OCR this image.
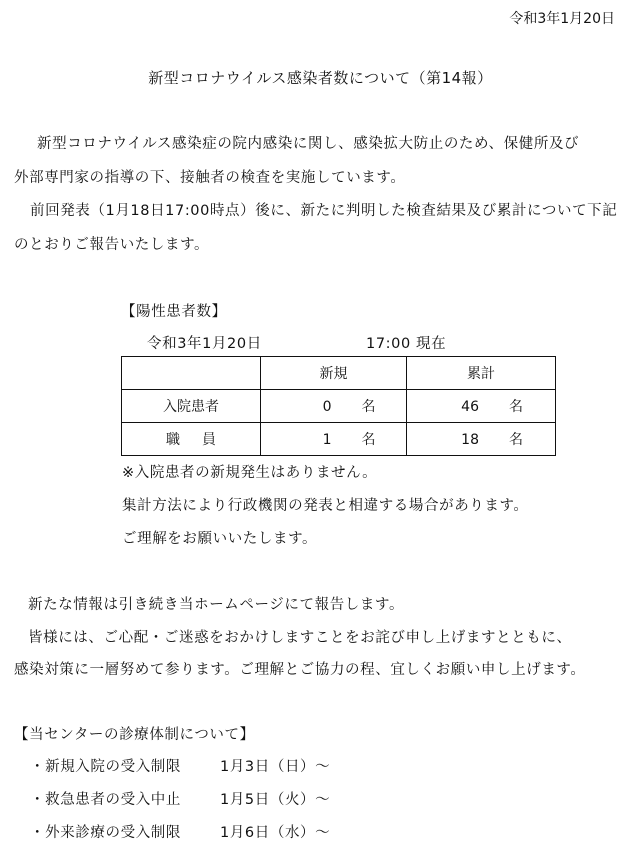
令和3年1月20日
新型コロナウイルス感染者数について（第14報）
新型コロナウイルス感染症の院内感染に関し、感染拡大防止のため、保健所及び
外部専門家の指導の下、接触者の検査を実施しています。
前回発表（1月18日17:00時点）後に、新たに判明した検査結果及び累計について下記
のとおりご報告いたします。
【陽性患者数】
令和3年1月20日	17:00 現在
	新規	累計
入院患者	0 名	46 名
職員	1 名	18 名
※入院患者の新規発生はありません。
集計方法により行政機関の発表と相違する場合があります。
ご理解をお願いいたします。
新たな情報は引き続き当ホームページにて報告します。
皆様には、ご心配・ご迷惑をおかけしますことをお詫び申し上げますとともに、
感染対策に一層努めて参ります。ご理解とご協力の程、宜しくお願い申し上げます。
【当センターの診療体制について】
・新規入院の受入制限	1月3日（日）～
・救急患者の受入中止	1月5日（火）～
・外来診療の受入制限	1月6日（水）～
